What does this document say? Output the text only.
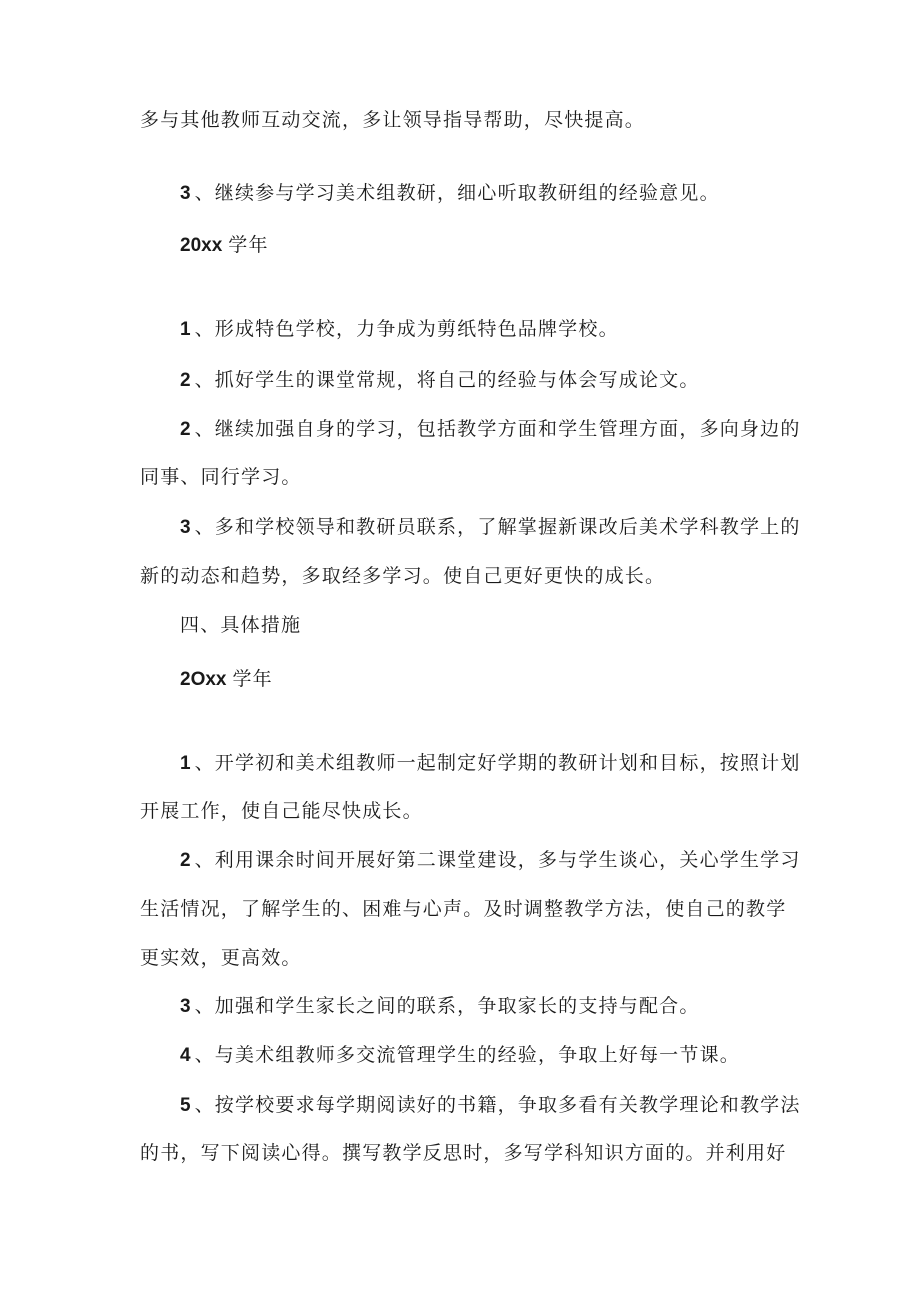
多与其他教师互动交流，多让领导指导帮助，尽快提高。
3 、继续参与学习美术组教研，细心听取教研组的经验意见。
20xx 学年
1 、形成特色学校，力争成为剪纸特色品牌学校。
2 、抓好学生的课堂常规，将自己的经验与体会写成论文。
2 、继续加强自身的学习，包括教学方面和学生管理方面，多向身边的
同事、同行学习。
3 、多和学校领导和教研员联系，了解掌握新课改后美术学科教学上的
新的动态和趋势，多取经多学习。使自己更好更快的成长。
四、具体措施
2Oxx 学年
1 、开学初和美术组教师一起制定好学期的教研计划和目标，按照计划
开展工作，使自己能尽快成长。
2 、利用课余时间开展好第二课堂建设，多与学生谈心，关心学生学习
生活情况，了解学生的、困难与心声。及时调整教学方法，使自己的教学
更实效，更高效。
3 、加强和学生家长之间的联系，争取家长的支持与配合。
4 、与美术组教师多交流管理学生的经验，争取上好每一节课。
5 、按学校要求每学期阅读好的书籍，争取多看有关教学理论和教学法
的书，写下阅读心得。撰写教学反思时，多写学科知识方面的。并利用好
